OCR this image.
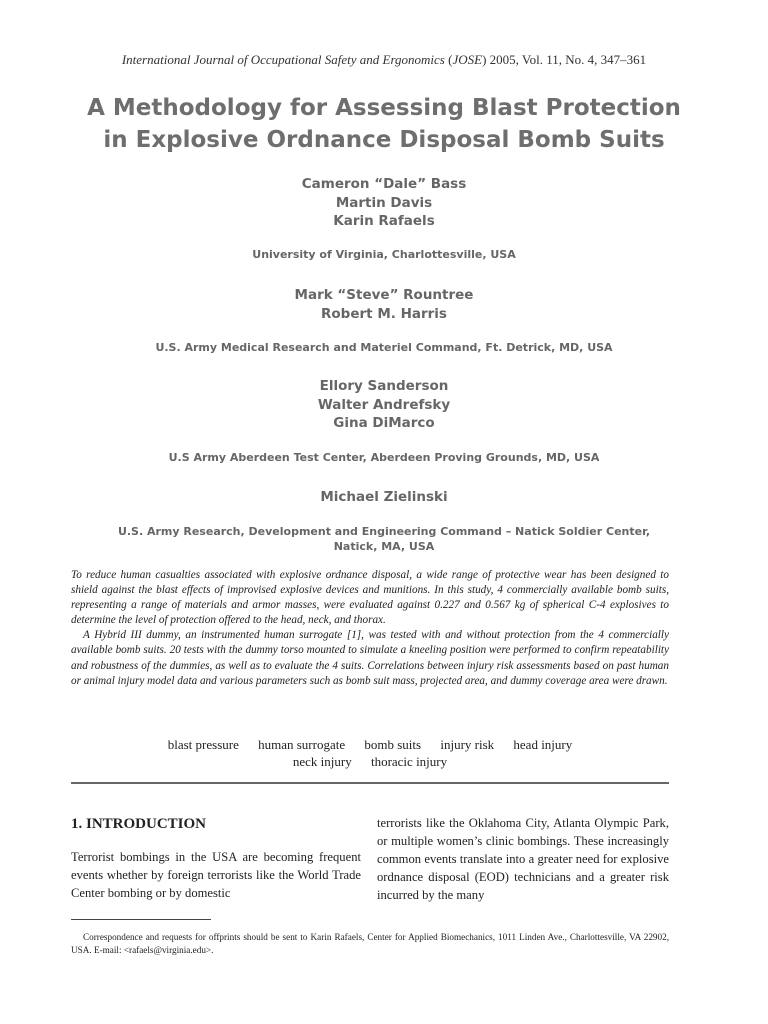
International Journal of Occupational Safety and Ergonomics (JOSE) 2005, Vol. 11, No. 4, 347–361
A Methodology for Assessing Blast Protection
in Explosive Ordnance Disposal Bomb Suits
Cameron “Dale” Bass
Martin Davis
Karin Rafaels
University of Virginia, Charlottesville, USA
Mark “Steve” Rountree
Robert M. Harris
U.S. Army Medical Research and Materiel Command, Ft. Detrick, MD, USA
Ellory Sanderson
Walter Andrefsky
Gina DiMarco
U.S Army Aberdeen Test Center, Aberdeen Proving Grounds, MD, USA
Michael Zielinski
U.S. Army Research, Development and Engineering Command – Natick Soldier Center,
Natick, MA, USA

To reduce human casualties associated with explosive ordnance disposal, a wide range of protective wear has been designed to shield against the blast effects of improvised explosive devices and munitions. In this study, 4 commercially available bomb suits, representing a range of materials and armor masses, were evaluated against 0.227 and 0.567 kg of spherical C-4 explosives to determine the level of protection offered to the head, neck, and thorax.

A Hybrid III dummy, an instrumented human surrogate [1], was tested with and without protection from the 4 commercially available bomb suits. 20 tests with the dummy torso mounted to simulate a kneeling position were performed to confirm repeatability and robustness of the dummies, as well as to evaluate the 4 suits. Correlations between injury risk assessments based on past human or animal injury model data and various parameters such as bomb suit mass, projected area, and dummy coverage area were drawn.

blast pressure human surrogate bomb suits injury risk head injury
neck injury thoracic injury
1. INTRODUCTION

Terrorist bombings in the USA are becoming frequent events whether by foreign terrorists like the World Trade Center bombing or by domestic

terrorists like the Oklahoma City, Atlanta Olympic Park, or multiple women’s clinic bombings. These increasingly common events translate into a greater need for explosive ordnance disposal (EOD) technicians and a greater risk incurred by the many

Correspondence and requests for offprints should be sent to Karin Rafaels, Center for Applied Biomechanics, 1011 Linden Ave., Charlottesville, VA 22902, USA. E-mail: <rafaels@virginia.edu>.
